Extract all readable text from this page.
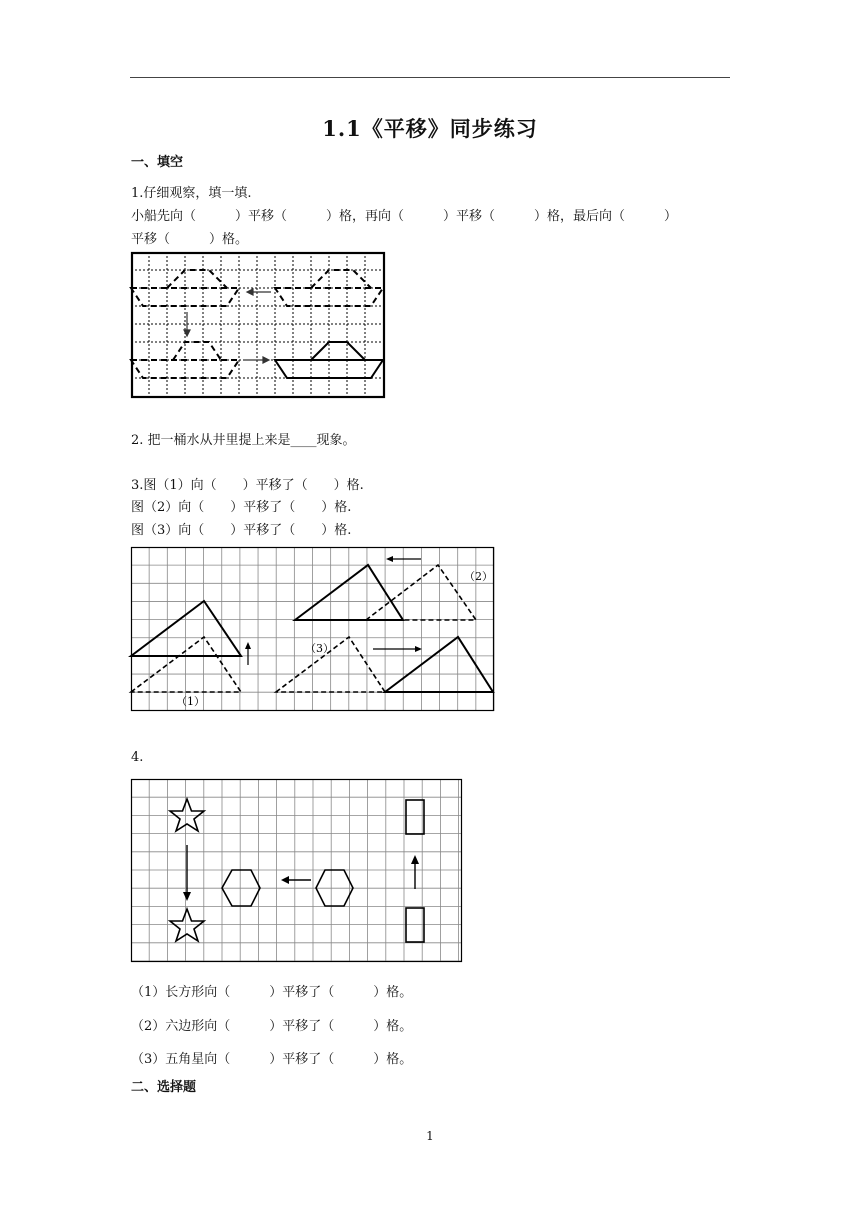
1.1《平移》同步练习
一、填空
1.仔细观察，填一填.
小船先向（　　　）平移（　　　）格，再向（　　　）平移（　　　）格，最后向（　　　）
平移（　　　）格。
2. 把一桶水从井里提上来是____现象。
3.图（1）向（　　）平移了（　　）格.
图（2）向（　　）平移了（　　）格.
图（3）向（　　）平移了（　　）格.
（1）
（2）
（3）
4.
（1）长方形向（　　　）平移了（　　　）格。
（2）六边形向（　　　）平移了（　　　）格。
（3）五角星向（　　　）平移了（　　　）格。
二、选择题
1
